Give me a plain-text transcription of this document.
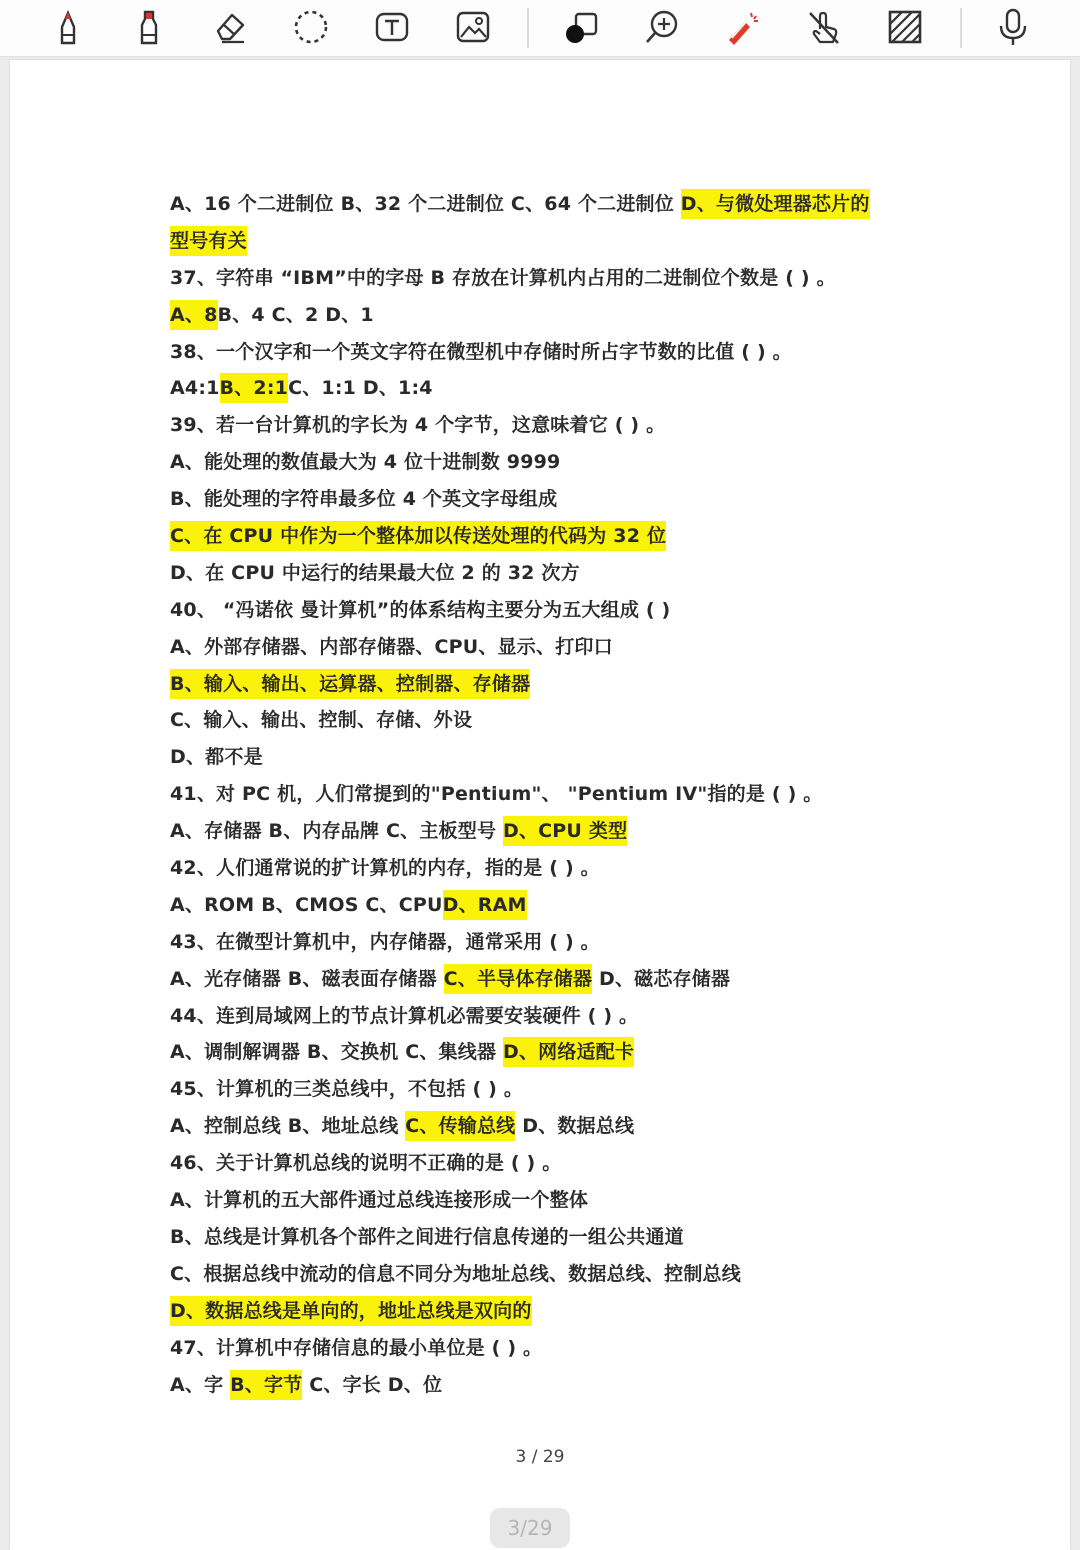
A、16 个二进制位 B、32 个二进制位 C、64 个二进制位 D、与微处理器芯片的
型号有关
37、字符串 “IBM”中的字母 B 存放在计算机内占用的二进制位个数是 ( ) 。
A、8B、4 C、2 D、1
38、一个汉字和一个英文字符在微型机中存储时所占字节数的比值 ( ) 。
A4:1B、2:1C、1:1 D、1:4
39、若一台计算机的字长为 4 个字节，这意味着它 ( ) 。
A、能处理的数值最大为 4 位十进制数 9999
B、能处理的字符串最多位 4 个英文字母组成
C、在 CPU 中作为一个整体加以传送处理的代码为 32 位
D、在 CPU 中运行的结果最大位 2 的 32 次方
40、 “冯诺依 曼计算机”的体系结构主要分为五大组成 ( )
A、外部存储器、内部存储器、CPU、显示、打印口
B、输入、输出、运算器、控制器、存储器
C、输入、输出、控制、存储、外设
D、都不是
41、对 PC 机，人们常提到的"Pentium"、 "Pentium IV"指的是 ( ) 。
A、存储器 B、内存品牌 C、主板型号 D、CPU 类型
42、人们通常说的扩计算机的内存，指的是 ( ) 。
A、ROM B、CMOS C、CPUD、RAM
43、在微型计算机中，内存储器，通常采用 ( ) 。
A、光存储器 B、磁表面存储器 C、半导体存储器 D、磁芯存储器
44、连到局域网上的节点计算机必需要安装硬件 ( ) 。
A、调制解调器 B、交换机 C、集线器 D、网络适配卡
45、计算机的三类总线中，不包括 ( ) 。
A、控制总线 B、地址总线 C、传输总线 D、数据总线
46、关于计算机总线的说明不正确的是 ( ) 。
A、计算机的五大部件通过总线连接形成一个整体
B、总线是计算机各个部件之间进行信息传递的一组公共通道
C、根据总线中流动的信息不同分为地址总线、数据总线、控制总线
D、数据总线是单向的，地址总线是双向的
47、计算机中存储信息的最小单位是 ( ) 。
A、字 B、字节 C、字长 D、位
3 / 29
3/29
